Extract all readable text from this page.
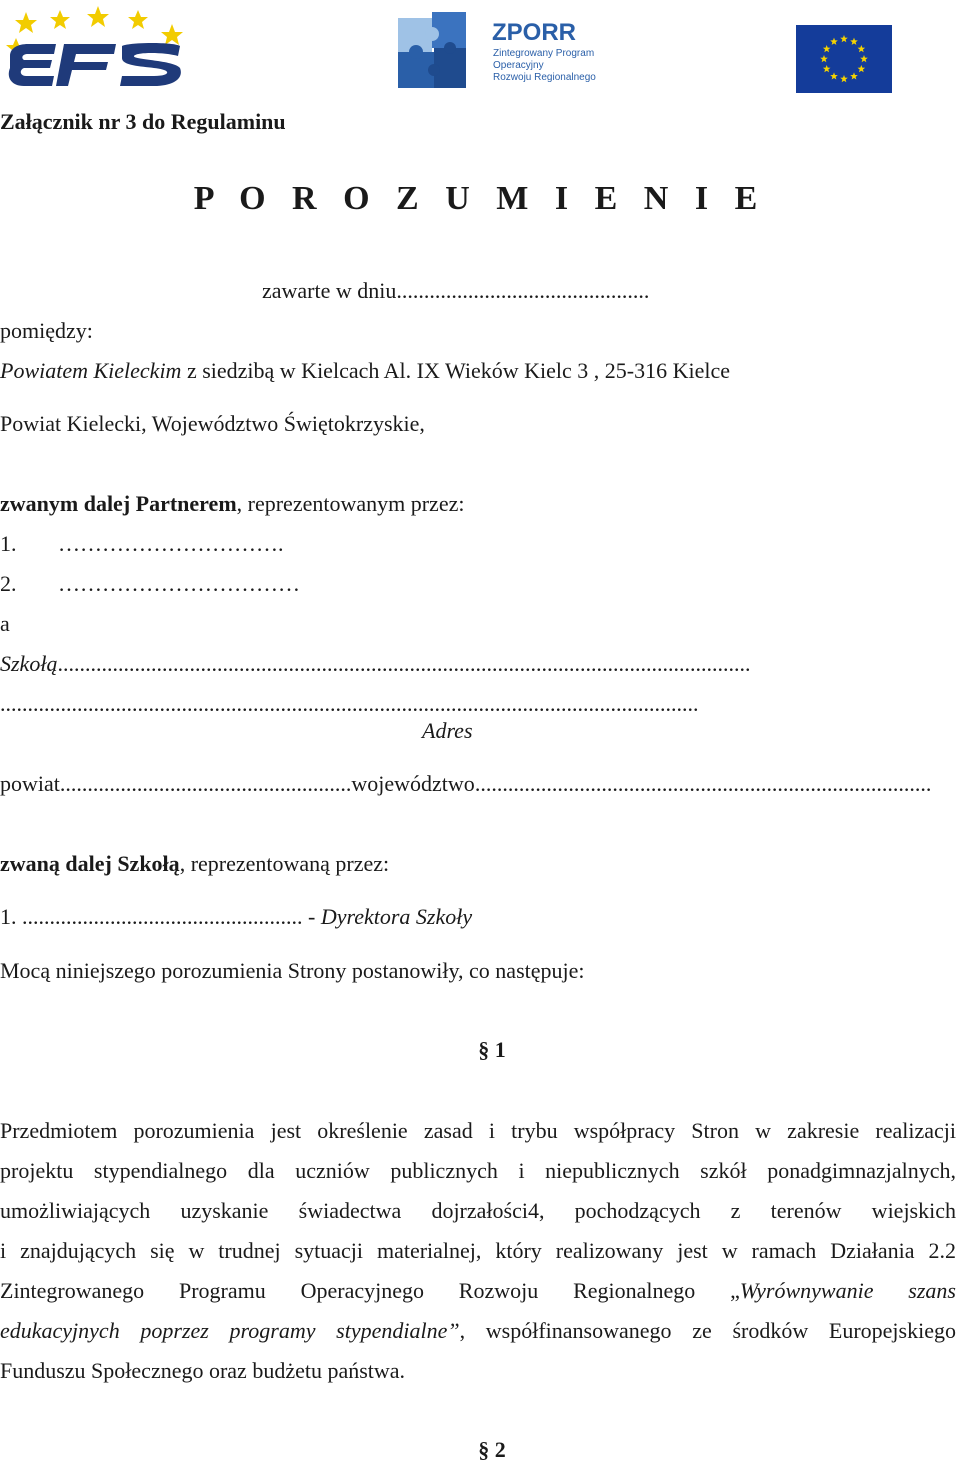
ZPORR
Zintegrowany Program
Operacyjny
Rozwoju Regionalnego
Załącznik nr 3 do Regulaminu
P O R O Z U M I E N I E
zawarte w dniu..............................................
pomiędzy:
Powiatem Kieleckim z siedzibą w Kielcach Al. IX Wieków Kielc 3 , 25-316 Kielce
Powiat Kielecki, Województwo Świętokrzyskie,
zwanym dalej Partnerem, reprezentowanym przez:
1. ………………………….
2. ……………………………
a
Szkołą..............................................................................................................................
...............................................................................................................................
Adres
powiat.....................................................województwo...................................................................................
zwaną dalej Szkołą, reprezentowaną przez:
1. ................................................... - Dyrektora Szkoły
Mocą niniejszego porozumienia Strony postanowiły, co następuje:
§ 1
Przedmiotem porozumienia jest określenie zasad i trybu współpracy Stron w zakresie realizacji
projektu stypendialnego dla uczniów publicznych i niepublicznych szkół ponadgimnazjalnych,
umożliwiających uzyskanie świadectwa dojrzałości4, pochodzących z terenów wiejskich
i znajdujących się w trudnej sytuacji materialnej, który realizowany jest w ramach Działania 2.2
Zintegrowanego Programu Operacyjnego Rozwoju Regionalnego „Wyrównywanie szans
edukacyjnych poprzez programy stypendialne”, współfinansowanego ze środków Europejskiego
Funduszu Społecznego oraz budżetu państwa.
§ 2
